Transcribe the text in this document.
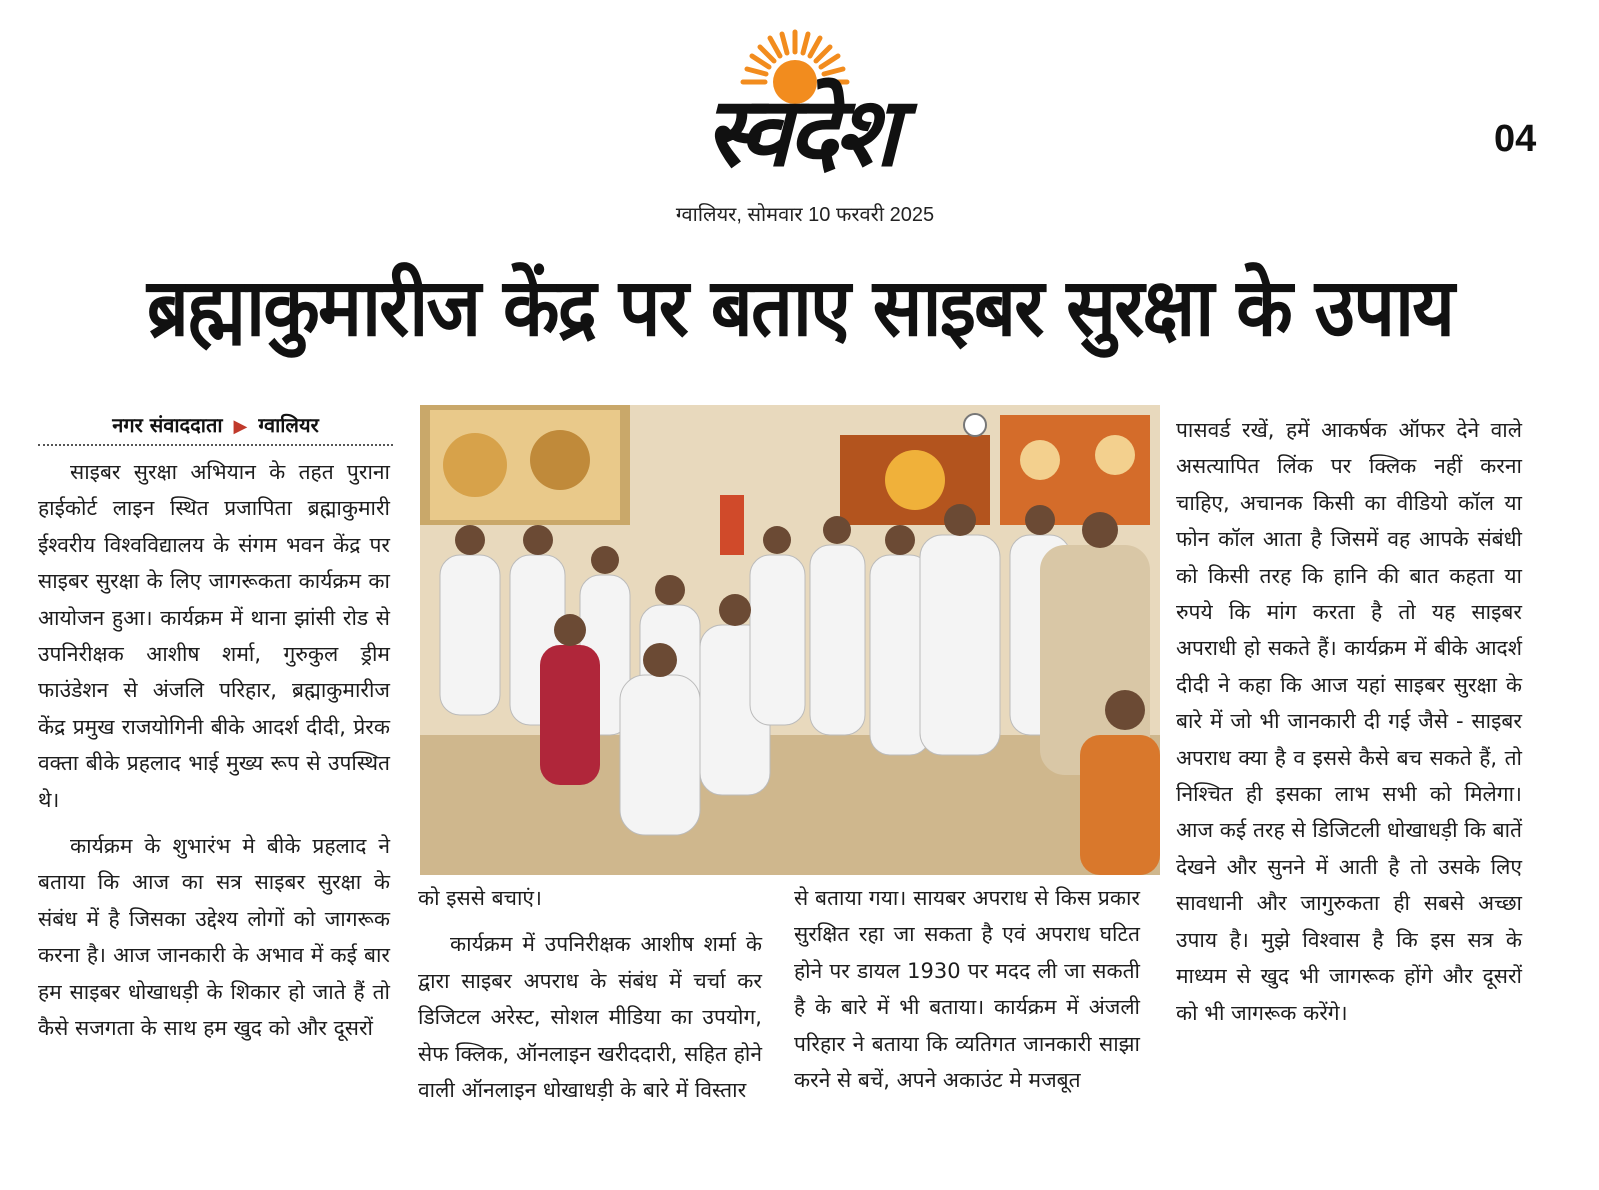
स्वदेश	04
ग्वालियर, सोमवार 10 फरवरी 2025
ब्रह्माकुमारीज केंद्र पर बताए साइबर सुरक्षा के उपाय
नगर संवाददाता ▶ ग्वालियर

साइबर सुरक्षा अभियान के तहत पुराना हाईकोर्ट लाइन स्थित प्रजापिता ब्रह्माकुमारी ईश्वरीय विश्वविद्यालय के संगम भवन केंद्र पर साइबर सुरक्षा के लिए जागरूकता कार्यक्रम का आयोजन हुआ। कार्यक्रम में थाना झांसी रोड से उपनिरीक्षक आशीष शर्मा, गुरुकुल ड्रीम फाउंडेशन से अंजलि परिहार, ब्रह्माकुमारीज केंद्र प्रमुख राजयोगिनी बीके आदर्श दीदी, प्रेरक वक्ता बीके प्रहलाद भाई मुख्य रूप से उपस्थित थे।

कार्यक्रम के शुभारंभ मे बीके प्रहलाद ने बताया कि आज का सत्र साइबर सुरक्षा के संबंध में है जिसका उद्देश्य लोगों को जागरूक करना है। आज जानकारी के अभाव में कई बार हम साइबर धोखाधड़ी के शिकार हो जाते हैं तो कैसे सजगता के साथ हम खुद को और दूसरों

को इससे बचाएं।

कार्यक्रम में उपनिरीक्षक आशीष शर्मा के द्वारा साइबर अपराध के संबंध में चर्चा कर डिजिटल अरेस्ट, सोशल मीडिया का उपयोग, सेफ क्लिक, ऑनलाइन खरीददारी, सहित होने वाली ऑनलाइन धोखाधड़ी के बारे में विस्तार

से बताया गया। सायबर अपराध से किस प्रकार सुरक्षित रहा जा सकता है एवं अपराध घटित होने पर डायल 1930 पर मदद ली जा सकती है के बारे में भी बताया। कार्यक्रम में अंजली परिहार ने बताया कि व्यतिगत जानकारी साझा करने से बचें, अपने अकाउंट मे मजबूत

पासवर्ड रखें, हमें आकर्षक ऑफर देने वाले असत्यापित लिंक पर क्लिक नहीं करना चाहिए, अचानक किसी का वीडियो कॉल या फोन कॉल आता है जिसमें वह आपके संबंधी को किसी तरह कि हानि की बात कहता या रुपये कि मांग करता है तो यह साइबर अपराधी हो सकते हैं। कार्यक्रम में बीके आदर्श दीदी ने कहा कि आज यहां साइबर सुरक्षा के बारे में जो भी जानकारी दी गई जैसे - साइबर अपराध क्या है व इससे कैसे बच सकते हैं, तो निश्चित ही इसका लाभ सभी को मिलेगा। आज कई तरह से डिजिटली धोखाधड़ी कि बातें देखने और सुनने में आती है तो उसके लिए सावधानी और जागुरुकता ही सबसे अच्छा उपाय है। मुझे विश्वास है कि इस सत्र के माध्यम से खुद भी जागरूक होंगे और दूसरों को भी जागरूक करेंगे।
